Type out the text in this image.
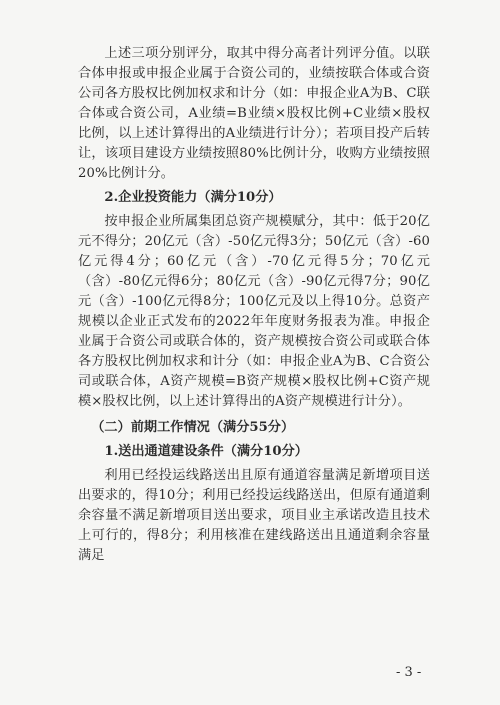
上述三项分别评分，取其中得分高者计列评分值。以联合体申报或申报企业属于合资公司的，业绩按联合体或合资公司各方股权比例加权求和计分（如：申报企业A为B、C联合体或合资公司，A业绩=B业绩×股权比例+C业绩×股权比例，以上述计算得出的A业绩进行计分）；若项目投产后转让，该项目建设方业绩按照80%比例计分，收购方业绩按照20%比例计分。

2.企业投资能力（满分10分）

按申报企业所属集团总资产规模赋分，其中：低于20亿元不得分；20亿元（含）-50亿元得3分；50亿元（含）-60亿元得4分；60亿元（含）-70亿元得5分；70亿元（含）-80亿元得6分；80亿元（含）-90亿元得7分；90亿元（含）-100亿元得8分；100亿元及以上得10分。总资产规模以企业正式发布的2022年年度财务报表为准。申报企业属于合资公司或联合体的，资产规模按合资公司或联合体各方股权比例加权求和计分（如：申报企业A为B、C合资公司或联合体，A资产规模=B资产规模×股权比例+C资产规模×股权比例，以上述计算得出的A资产规模进行计分）。

（二）前期工作情况（满分55分）

1.送出通道建设条件（满分10分）

利用已经投运线路送出且原有通道容量满足新增项目送出要求的，得10分；利用已经投运线路送出，但原有通道剩余容量不满足新增项目送出要求，项目业主承诺改造且技术上可行的，得8分；利用核准在建线路送出且通道剩余容量满足

- 3 -
